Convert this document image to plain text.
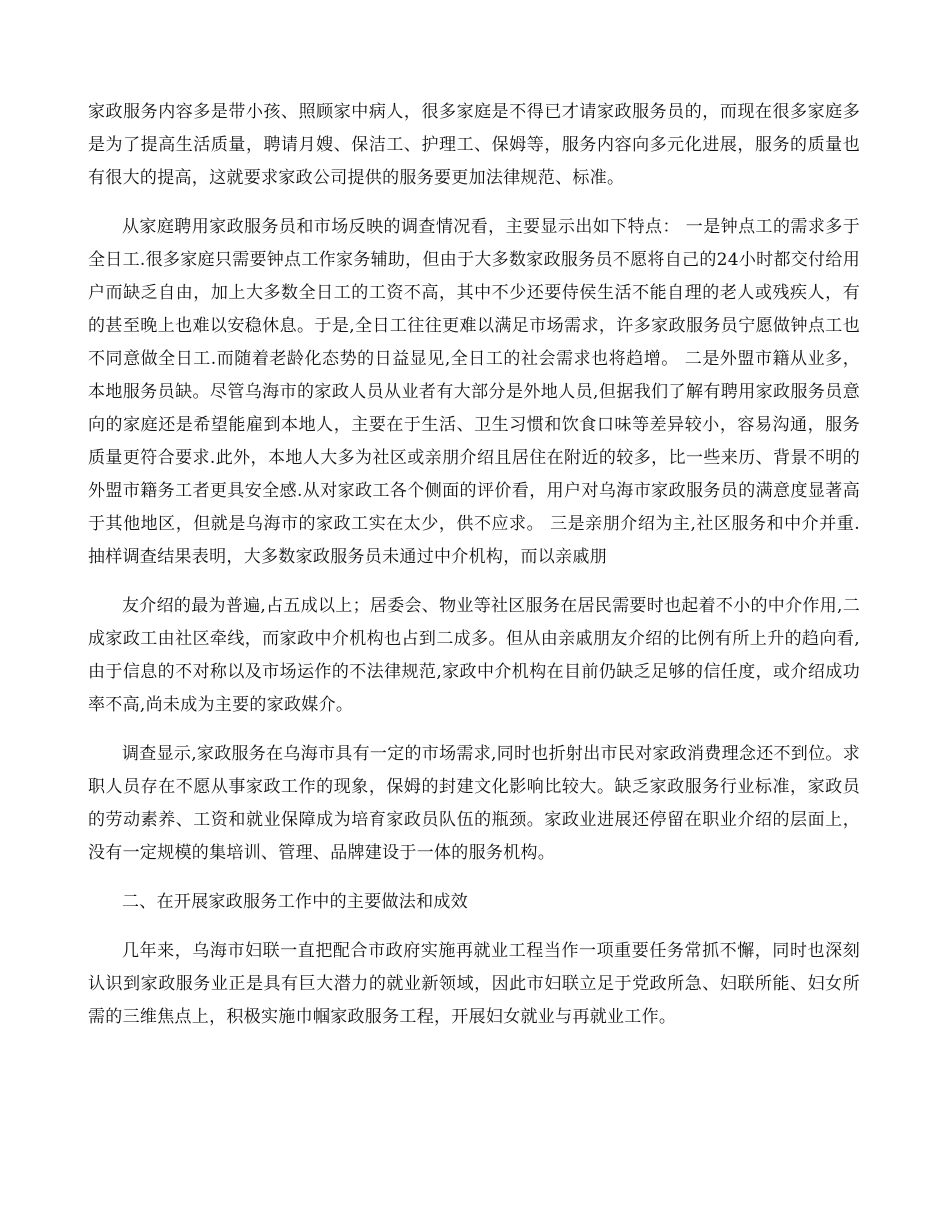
家政服务内容多是带小孩、照顾家中病人，很多家庭是不得已才请家政服务员的，而现在很多家庭多是为了提高生活质量，聘请月嫂、保洁工、护理工、保姆等，服务内容向多元化进展，服务的质量也有很大的提高，这就要求家政公司提供的服务要更加法律规范、标准。

从家庭聘用家政服务员和市场反映的调查情况看，主要显示出如下特点： 一是钟点工的需求多于全日工.很多家庭只需要钟点工作家务辅助，但由于大多数家政服务员不愿将自己的24小时都交付给用户而缺乏自由，加上大多数全日工的工资不高，其中不少还要侍侯生活不能自理的老人或残疾人，有的甚至晚上也难以安稳休息。于是,全日工往往更难以满足市场需求，许多家政服务员宁愿做钟点工也不同意做全日工.而随着老龄化态势的日益显见,全日工的社会需求也将趋增。 二是外盟市籍从业多，本地服务员缺。尽管乌海市的家政人员从业者有大部分是外地人员,但据我们了解有聘用家政服务员意向的家庭还是希望能雇到本地人，主要在于生活、卫生习惯和饮食口味等差异较小，容易沟通，服务质量更符合要求.此外，本地人大多为社区或亲朋介绍且居住在附近的较多，比一些来历、背景不明的外盟市籍务工者更具安全感.从对家政工各个侧面的评价看，用户对乌海市家政服务员的满意度显著高于其他地区，但就是乌海市的家政工实在太少，供不应求。 三是亲朋介绍为主,社区服务和中介并重.抽样调查结果表明，大多数家政服务员未通过中介机构，而以亲戚朋

友介绍的最为普遍,占五成以上；居委会、物业等社区服务在居民需要时也起着不小的中介作用,二成家政工由社区牵线，而家政中介机构也占到二成多。但从由亲戚朋友介绍的比例有所上升的趋向看,由于信息的不对称以及市场运作的不法律规范,家政中介机构在目前仍缺乏足够的信任度，或介绍成功率不高,尚未成为主要的家政媒介。

调查显示,家政服务在乌海市具有一定的市场需求,同时也折射出市民对家政消费理念还不到位。求职人员存在不愿从事家政工作的现象，保姆的封建文化影响比较大。缺乏家政服务行业标准，家政员的劳动素养、工资和就业保障成为培育家政员队伍的瓶颈。家政业进展还停留在职业介绍的层面上，没有一定规模的集培训、管理、品牌建设于一体的服务机构。

二、在开展家政服务工作中的主要做法和成效

几年来，乌海市妇联一直把配合市政府实施再就业工程当作一项重要任务常抓不懈，同时也深刻认识到家政服务业正是具有巨大潜力的就业新领域，因此市妇联立足于党政所急、妇联所能、妇女所需的三维焦点上，积极实施巾帼家政服务工程，开展妇女就业与再就业工作。
